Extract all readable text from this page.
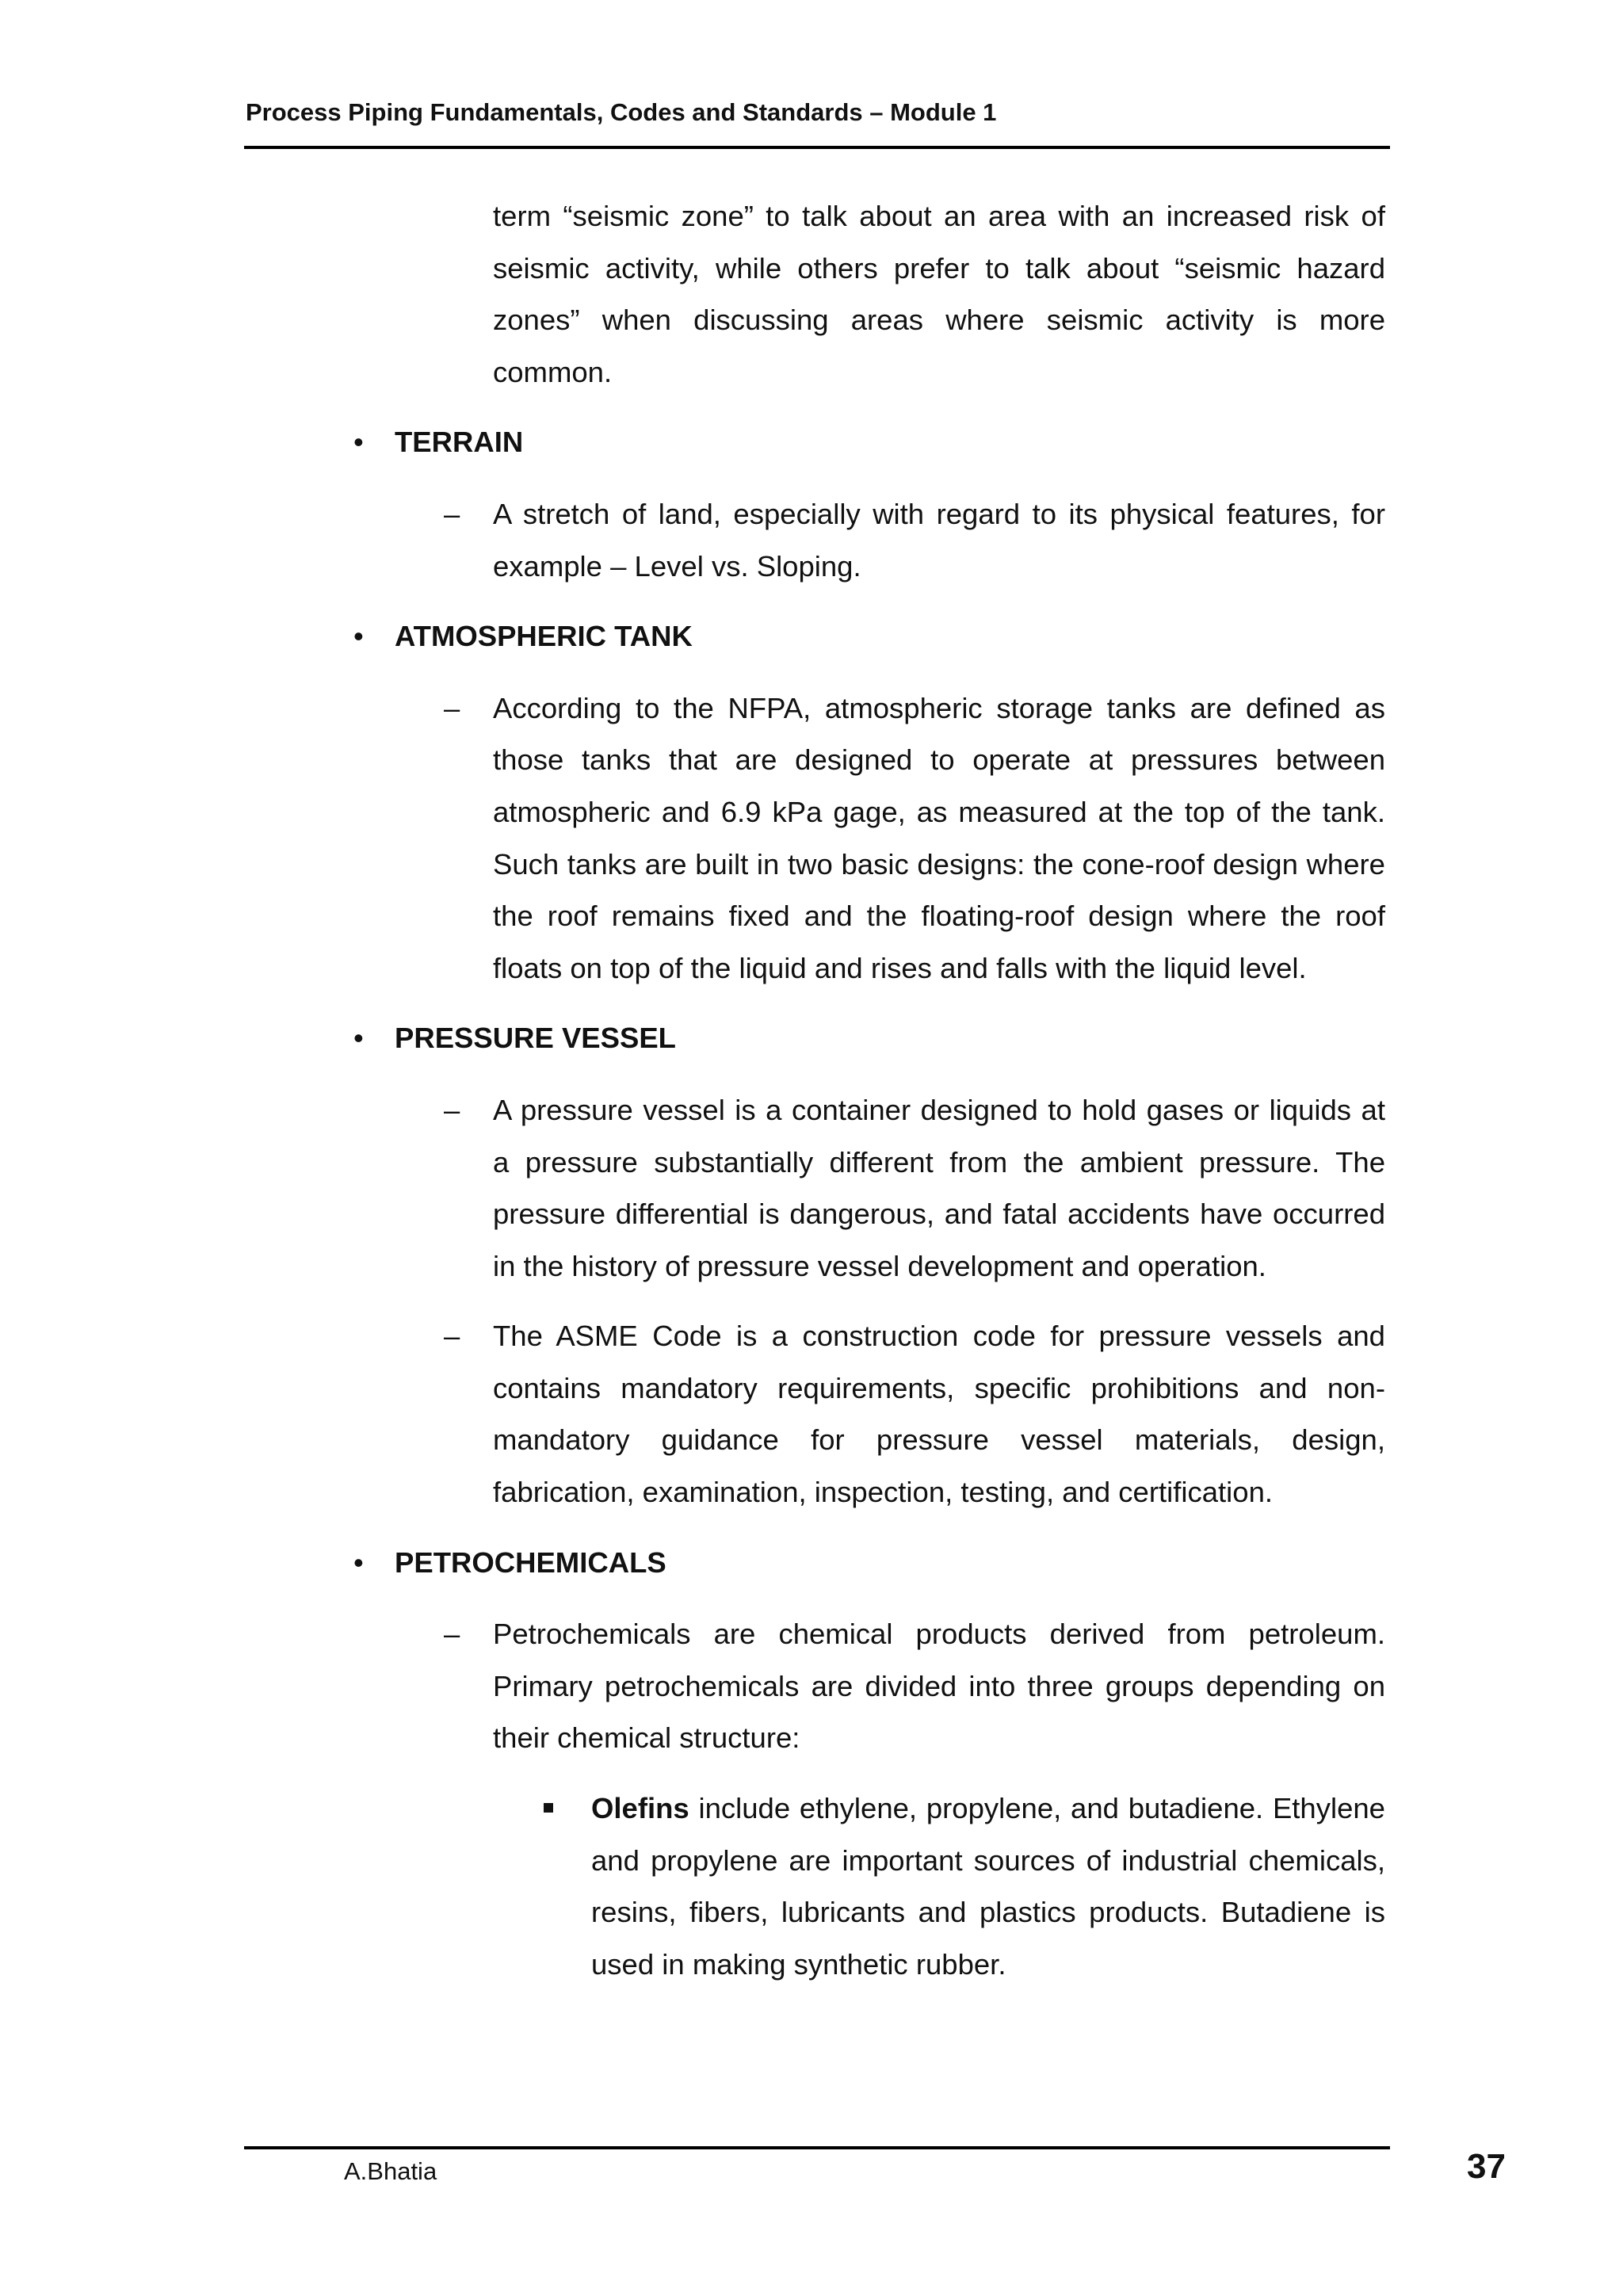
Process Piping Fundamentals, Codes and Standards – Module 1
term “seismic zone” to talk about an area with an increased risk of seismic activity, while others prefer to talk about “seismic hazard zones” when discussing areas where seismic activity is more common.
• TERRAIN
– A stretch of land, especially with regard to its physical features, for example – Level vs. Sloping.
• ATMOSPHERIC TANK
– According to the NFPA, atmospheric storage tanks are defined as those tanks that are designed to operate at pressures between atmospheric and 6.9 kPa gage, as measured at the top of the tank. Such tanks are built in two basic designs: the cone-roof design where the roof remains fixed and the floating-roof design where the roof floats on top of the liquid and rises and falls with the liquid level.
• PRESSURE VESSEL
– A pressure vessel is a container designed to hold gases or liquids at a pressure substantially different from the ambient pressure. The pressure differential is dangerous, and fatal accidents have occurred in the history of pressure vessel development and operation.
– The ASME Code is a construction code for pressure vessels and contains mandatory requirements, specific prohibitions and non-mandatory guidance for pressure vessel materials, design, fabrication, examination, inspection, testing, and certification.
• PETROCHEMICALS
– Petrochemicals are chemical products derived from petroleum. Primary petrochemicals are divided into three groups depending on their chemical structure:
Olefins include ethylene, propylene, and butadiene. Ethylene and propylene are important sources of industrial chemicals, resins, fibers, lubricants and plastics products. Butadiene is used in making synthetic rubber.
A.Bhatia	37
